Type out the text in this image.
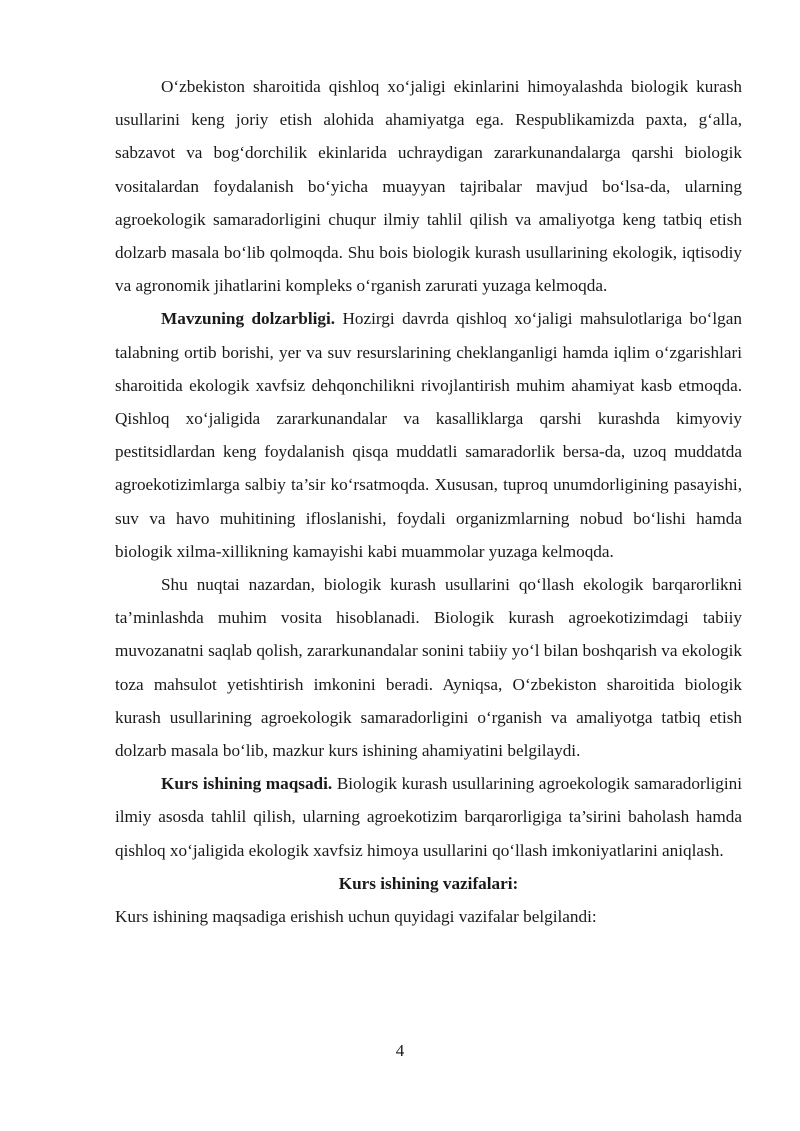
O‘zbekiston sharoitida qishloq xo‘jaligi ekinlarini himoyalashda biologik kurash usullarini keng joriy etish alohida ahamiyatga ega. Respublikamizda paxta, g‘alla, sabzavot va bog‘dorchilik ekinlarida uchraydigan zararkunandalarga qarshi biologik vositalardan foydalanish bo‘yicha muayyan tajribalar mavjud bo‘lsa-da, ularning agroekologik samaradorligini chuqur ilmiy tahlil qilish va amaliyotga keng tatbiq etish dolzarb masala bo‘lib qolmoqda. Shu bois biologik kurash usullarining ekologik, iqtisodiy va agronomik jihatlarini kompleks o‘rganish zarurati yuzaga kelmoqda.

Mavzuning dolzarbligi. Hozirgi davrda qishloq xo‘jaligi mahsulotlariga bo‘lgan talabning ortib borishi, yer va suv resurslarining cheklanganligi hamda iqlim o‘zgarishlari sharoitida ekologik xavfsiz dehqonchilikni rivojlantirish muhim ahamiyat kasb etmoqda. Qishloq xo‘jaligida zararkunandalar va kasalliklarga qarshi kurashda kimyoviy pestitsidlardan keng foydalanish qisqa muddatli samaradorlik bersa-da, uzoq muddatda agroekotizimlarga salbiy ta’sir ko‘rsatmoqda. Xususan, tuproq unumdorligining pasayishi, suv va havo muhitining ifloslanishi, foydali organizmlarning nobud bo‘lishi hamda biologik xilma-xillikning kamayishi kabi muammolar yuzaga kelmoqda.

Shu nuqtai nazardan, biologik kurash usullarini qo‘llash ekologik barqarorlikni ta’minlashda muhim vosita hisoblanadi. Biologik kurash agroekotizimdagi tabiiy muvozanatni saqlab qolish, zararkunandalar sonini tabiiy yo‘l bilan boshqarish va ekologik toza mahsulot yetishtirish imkonini beradi. Ayniqsa, O‘zbekiston sharoitida biologik kurash usullarining agroekologik samaradorligini o‘rganish va amaliyotga tatbiq etish dolzarb masala bo‘lib, mazkur kurs ishining ahamiyatini belgilaydi.

Kurs ishining maqsadi. Biologik kurash usullarining agroekologik samaradorligini ilmiy asosda tahlil qilish, ularning agroekotizim barqarorligiga ta’sirini baholash hamda qishloq xo‘jaligida ekologik xavfsiz himoya usullarini qo‘llash imkoniyatlarini aniqlash.

Kurs ishining vazifalari:

Kurs ishining maqsadiga erishish uchun quyidagi vazifalar belgilandi:

4
